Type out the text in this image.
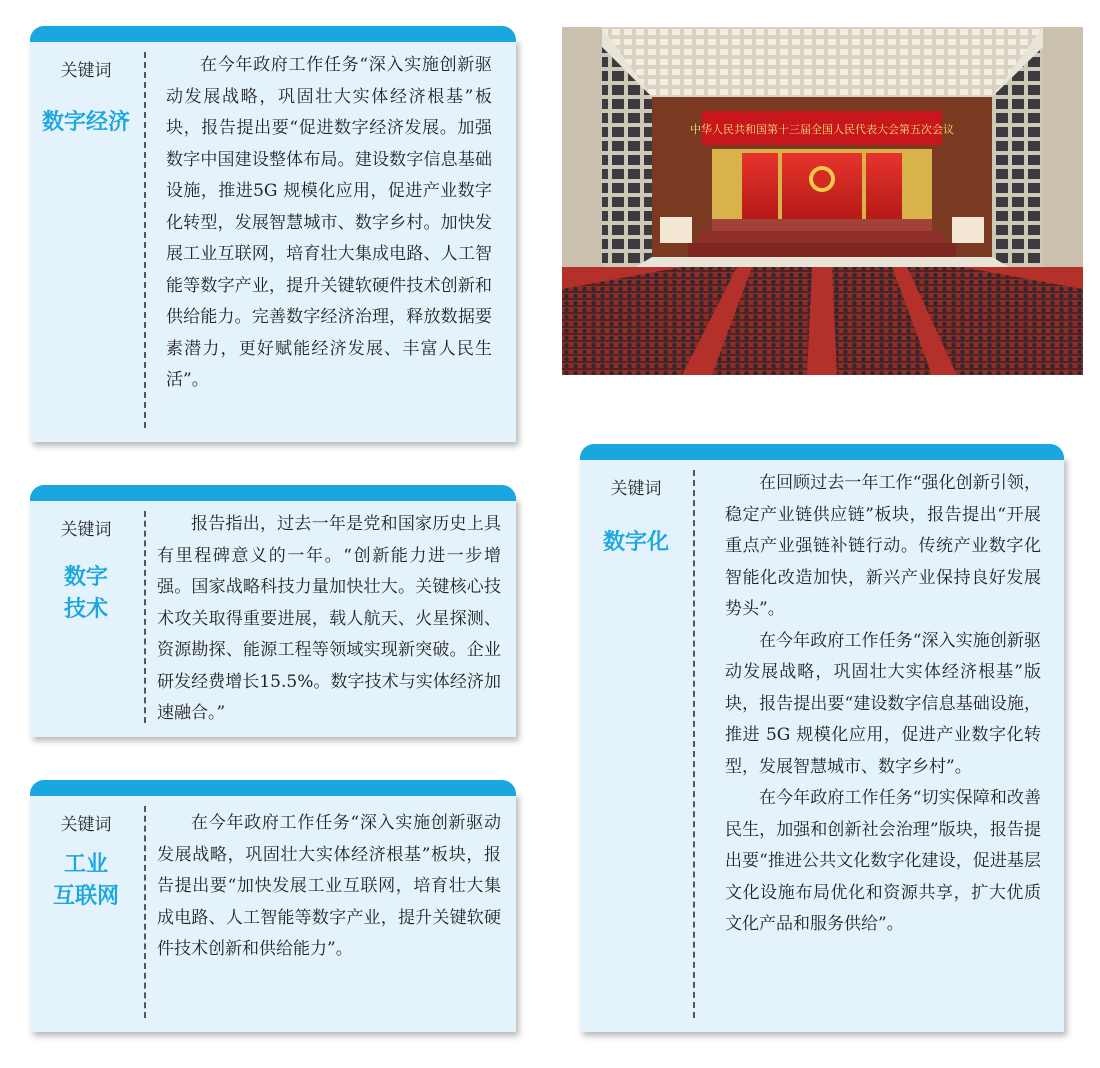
关键词
数字经济

在今年政府工作任务“深入实施创新驱动发展战略，巩固壮大实体经济根基”板块，报告提出要“促进数字经济发展。加强数字中国建设整体布局。建设数字信息基础设施，推进5G 规模化应用，促进产业数字化转型，发展智慧城市、数字乡村。加快发展工业互联网，培育壮大集成电路、人工智能等数字产业，提升关键软硬件技术创新和供给能力。完善数字经济治理，释放数据要素潜力，更好赋能经济发展、丰富人民生活”。

关键词
数字
技术

报告指出，过去一年是党和国家历史上具有里程碑意义的一年。“创新能力进一步增强。国家战略科技力量加快壮大。关键核心技术攻关取得重要进展，载人航天、火星探测、资源勘探、能源工程等领域实现新突破。企业研发经费增长15.5%。数字技术与实体经济加速融合。”

关键词
工业
互联网

在今年政府工作任务“深入实施创新驱动发展战略，巩固壮大实体经济根基”板块，报告提出要“加快发展工业互联网，培育壮大集成电路、人工智能等数字产业，提升关键软硬件技术创新和供给能力”。

关键词
数字化

在回顾过去一年工作“强化创新引领，稳定产业链供应链”板块，报告提出“开展重点产业强链补链行动。传统产业数字化智能化改造加快，新兴产业保持良好发展势头”。

在今年政府工作任务“深入实施创新驱动发展战略，巩固壮大实体经济根基”版块，报告提出要“建设数字信息基础设施，推进 5G 规模化应用，促进产业数字化转型，发展智慧城市、数字乡村”。

在今年政府工作任务“切实保障和改善民生，加强和创新社会治理”版块，报告提出要“推进公共文化数字化建设，促进基层文化设施布局优化和资源共享，扩大优质文化产品和服务供给”。

中华人民共和国第十三届全国人民代表大会第五次会议
